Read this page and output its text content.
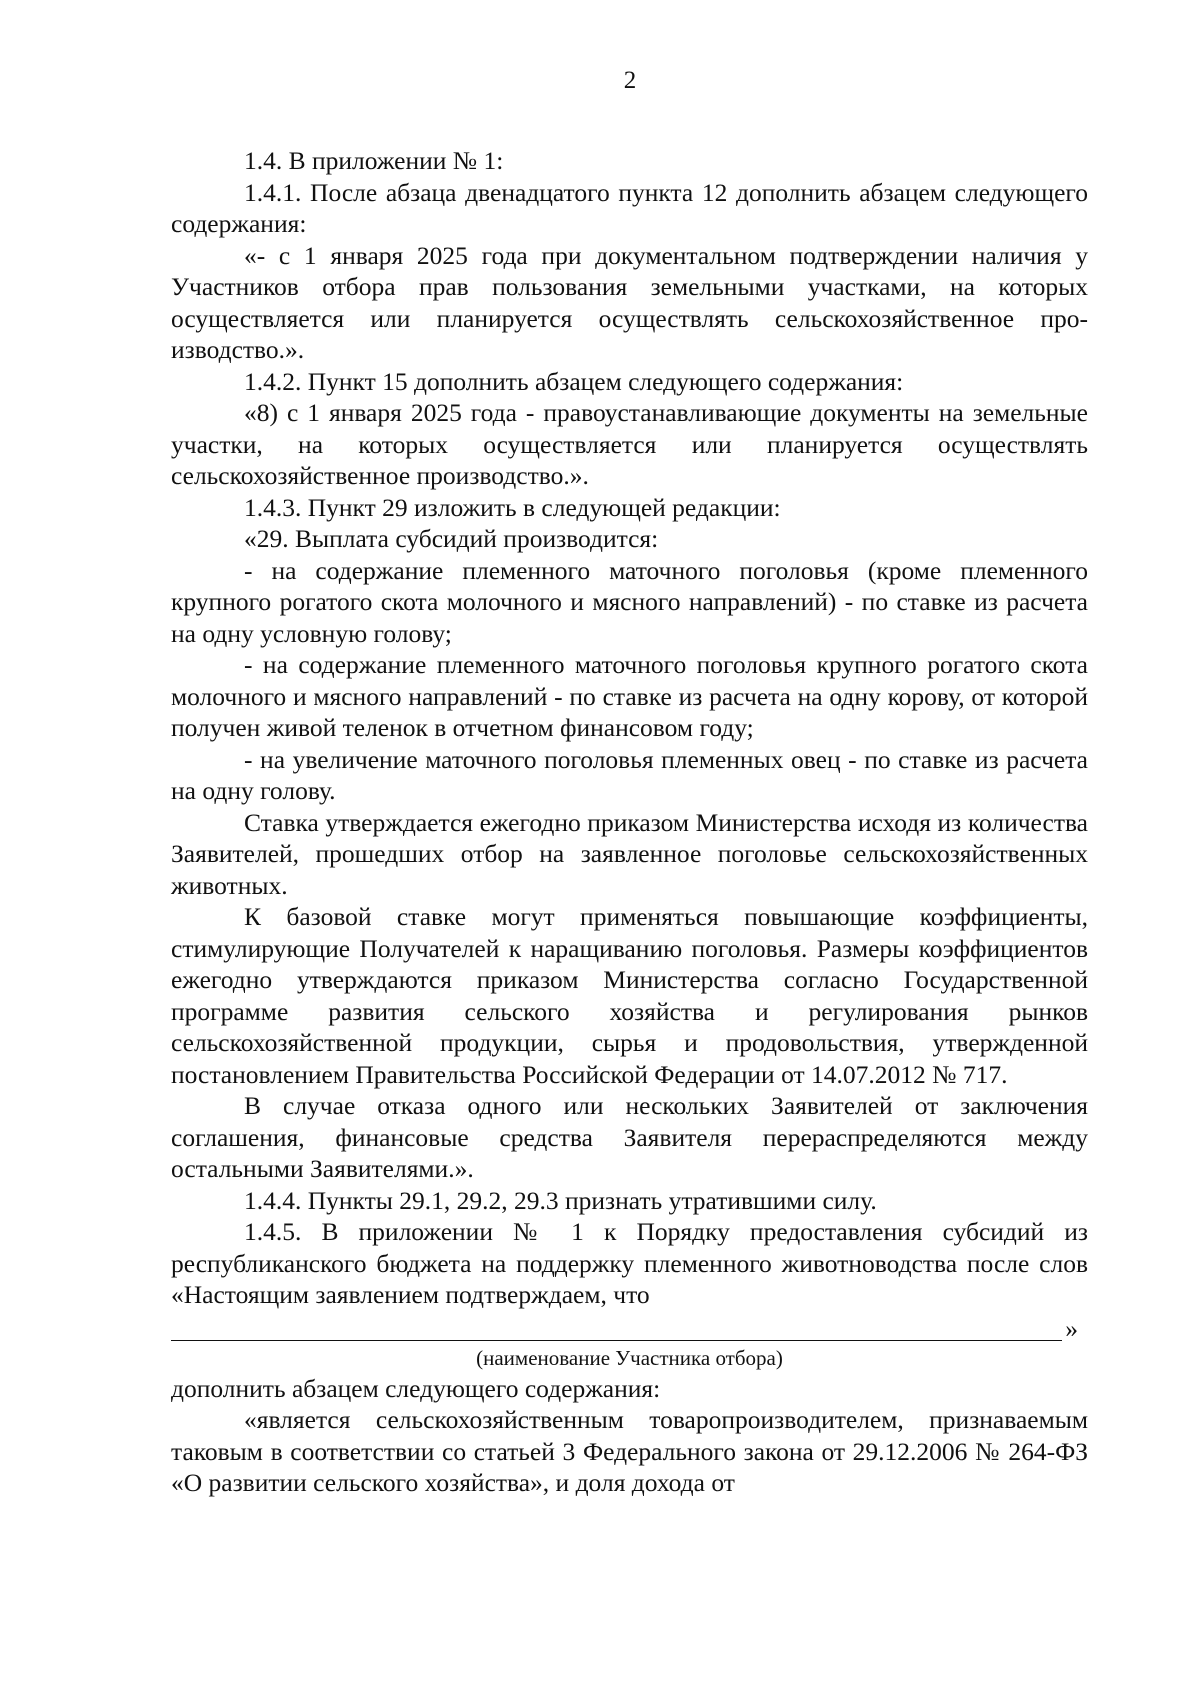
2

1.4. В приложении № 1:

1.4.1. После абзаца двенадцатого пункта 12 дополнить абзацем следующего содержания:

«- с 1 января 2025 года при документальном подтверждении наличия у Участников отбора прав пользования земельными участками, на которых осуществляется или планируется осуществлять сельскохозяйственное производство.».

1.4.2. Пункт 15 дополнить абзацем следующего содержания:

«8) с 1 января 2025 года - правоустанавливающие документы на земельные участки, на которых осуществляется или планируется осуществлять сельскохозяйственное производство.».

1.4.3. Пункт 29 изложить в следующей редакции:

«29. Выплата субсидий производится:

- на содержание племенного маточного поголовья (кроме племенного крупного рогатого скота молочного и мясного направлений) - по ставке из расчета на одну условную голову;

- на содержание племенного маточного поголовья крупного рогатого скота молочного и мясного направлений - по ставке из расчета на одну корову, от которой получен живой теленок в отчетном финансовом году;

- на увеличение маточного поголовья племенных овец - по ставке из расчета на одну голову.

Ставка утверждается ежегодно приказом Министерства исходя из количества Заявителей, прошедших отбор на заявленное поголовье сельскохозяйственных животных.

К базовой ставке могут применяться повышающие коэффициенты, стимулирующие Получателей к наращиванию поголовья. Размеры коэффициентов ежегодно утверждаются приказом Министерства согласно Государственной программе развития сельского хозяйства и регулирования рынков сельскохозяйственной продукции, сырья и продовольствия, утвержденной постановлением Правительства Российской Федерации от 14.07.2012 № 717.

В случае отказа одного или нескольких Заявителей от заключения соглашения, финансовые средства Заявителя перераспределяются между остальными Заявителями.».

1.4.4. Пункты 29.1, 29.2, 29.3 признать утратившими силу.

1.4.5. В приложении № 1 к Порядку предоставления субсидий из республиканского бюджета на поддержку племенного животноводства после слов «Настоящим заявлением подтверждаем, что

»
(наименование Участника отбора)

дополнить абзацем следующего содержания:

«является сельскохозяйственным товаропроизводителем, признаваемым таковым в соответствии со статьей 3 Федерального закона от 29.12.2006 № 264-ФЗ «О развитии сельского хозяйства», и доля дохода от
